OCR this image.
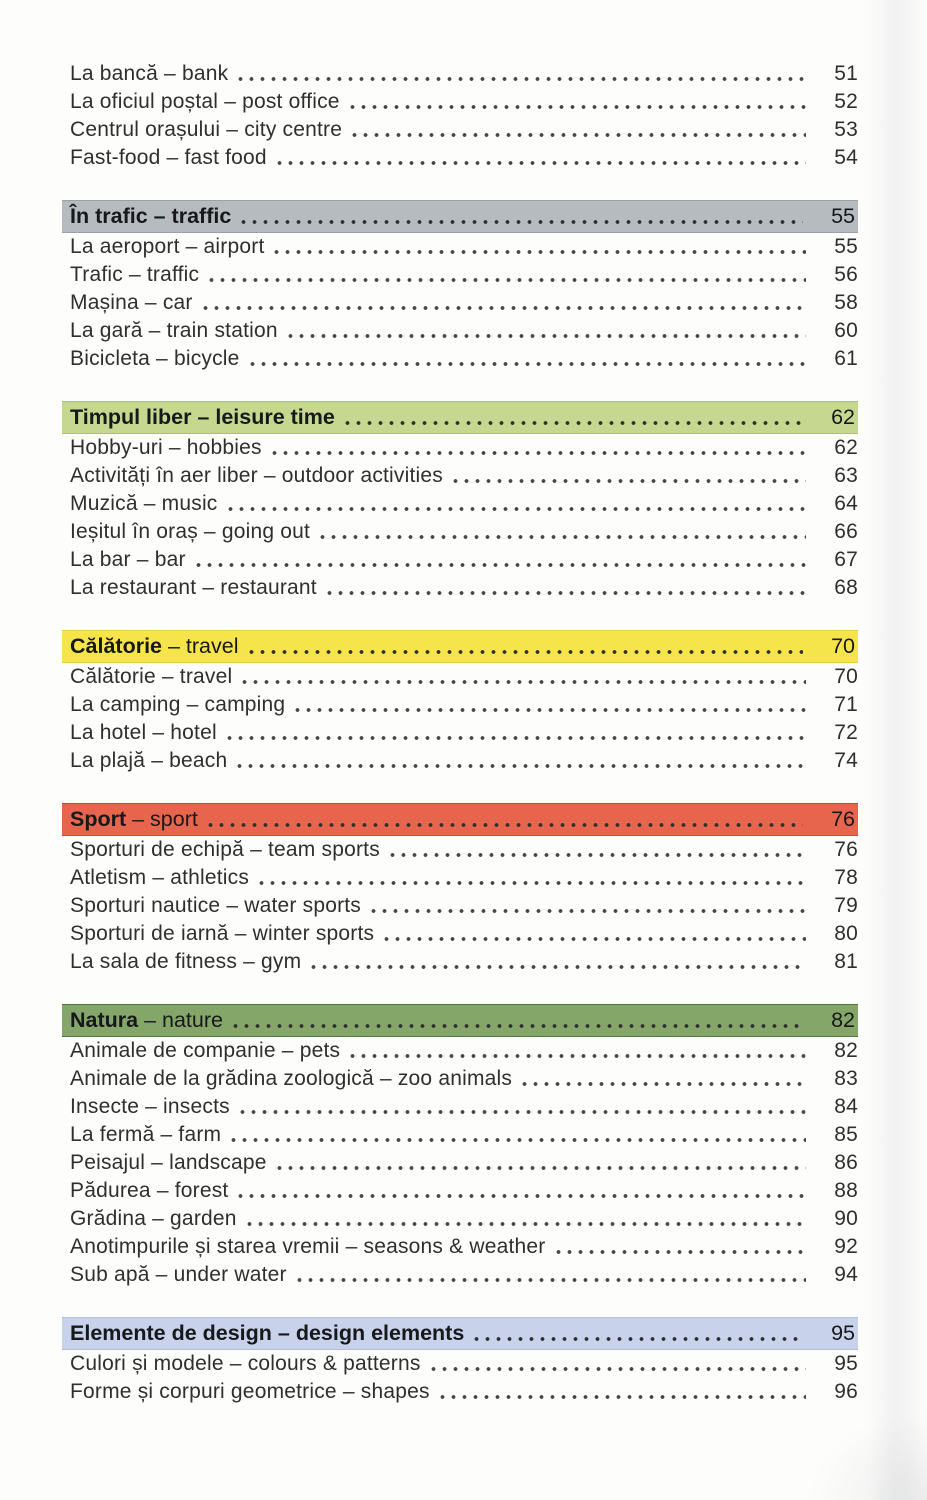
La bancă – bank	51
La oficiul poștal – post office	52
Centrul orașului – city centre	53
Fast-food – fast food	54
În trafic – traffic	55
La aeroport – airport	55
Trafic – traffic	56
Mașina – car	58
La gară – train station	60
Bicicleta – bicycle	61
Timpul liber – leisure time	62
Hobby-uri – hobbies	62
Activități în aer liber – outdoor activities	63
Muzică – music	64
Ieșitul în oraș – going out	66
La bar – bar	67
La restaurant – restaurant	68
Călătorie – travel	70
Călătorie – travel	70
La camping – camping	71
La hotel – hotel	72
La plajă – beach	74
Sport – sport	76
Sporturi de echipă – team sports	76
Atletism – athletics	78
Sporturi nautice – water sports	79
Sporturi de iarnă – winter sports	80
La sala de fitness – gym	81
Natura – nature	82
Animale de companie – pets	82
Animale de la grădina zoologică – zoo animals	83
Insecte – insects	84
La fermă – farm	85
Peisajul – landscape	86
Pădurea – forest	88
Grădina – garden	90
Anotimpurile și starea vremii – seasons & weather	92
Sub apă – under water	94
Elemente de design – design elements	95
Culori și modele – colours & patterns	95
Forme și corpuri geometrice – shapes	96
